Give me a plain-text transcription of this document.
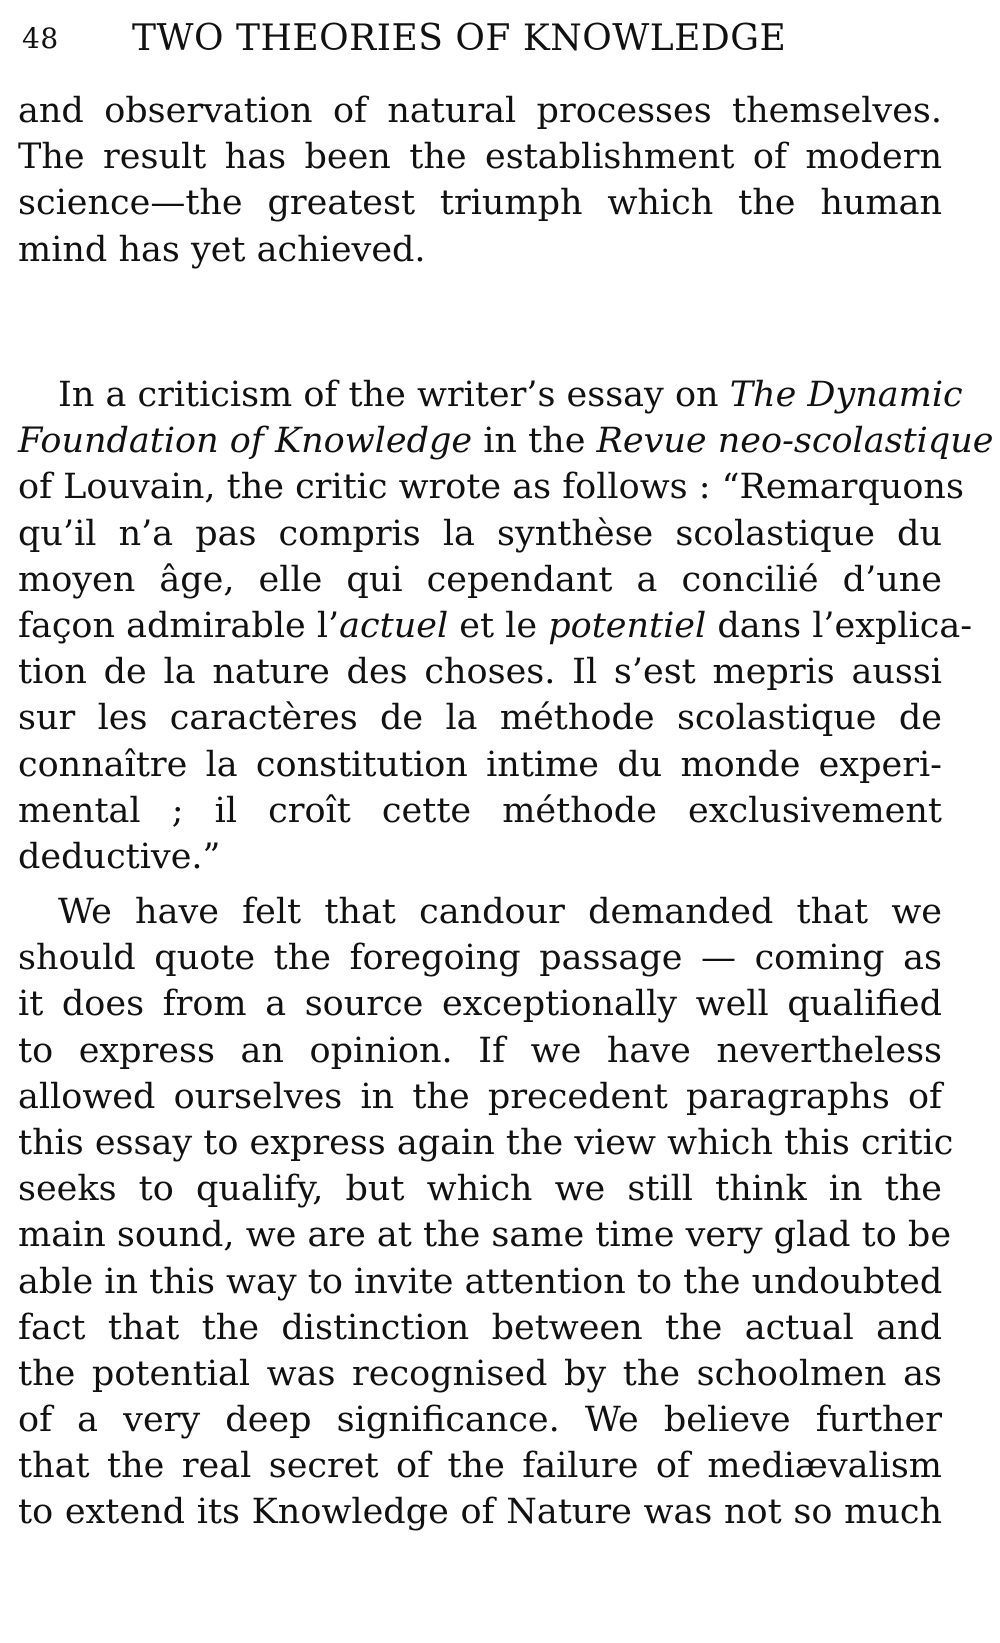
48 TWO THEORIES OF KNOWLEDGE
and observation of natural processes themselves.
The result has been the establishment of modern
science—the greatest triumph which the human
mind has yet achieved.
In a criticism of the writer’s essay on The Dynamic
Foundation of Knowledge in the Revue neo-scolastique
of Louvain, the critic wrote as follows : “Remarquons
qu’il n’a pas compris la synthèse scolastique du
moyen âge, elle qui cependant a concilié d’une
façon admirable l’actuel et le potentiel dans l’explica-
tion de la nature des choses. Il s’est mepris aussi
sur les caractères de la méthode scolastique de
connaître la constitution intime du monde experi-
mental ; il croît cette méthode exclusivement
deductive.”
We have felt that candour demanded that we
should quote the foregoing passage — coming as
it does from a source exceptionally well qualified
to express an opinion. If we have nevertheless
allowed ourselves in the precedent paragraphs of
this essay to express again the view which this critic
seeks to qualify, but which we still think in the
main sound, we are at the same time very glad to be
able in this way to invite attention to the undoubted
fact that the distinction between the actual and
the potential was recognised by the schoolmen as
of a very deep significance. We believe further
that the real secret of the failure of mediævalism
to extend its Knowledge of Nature was not so much
